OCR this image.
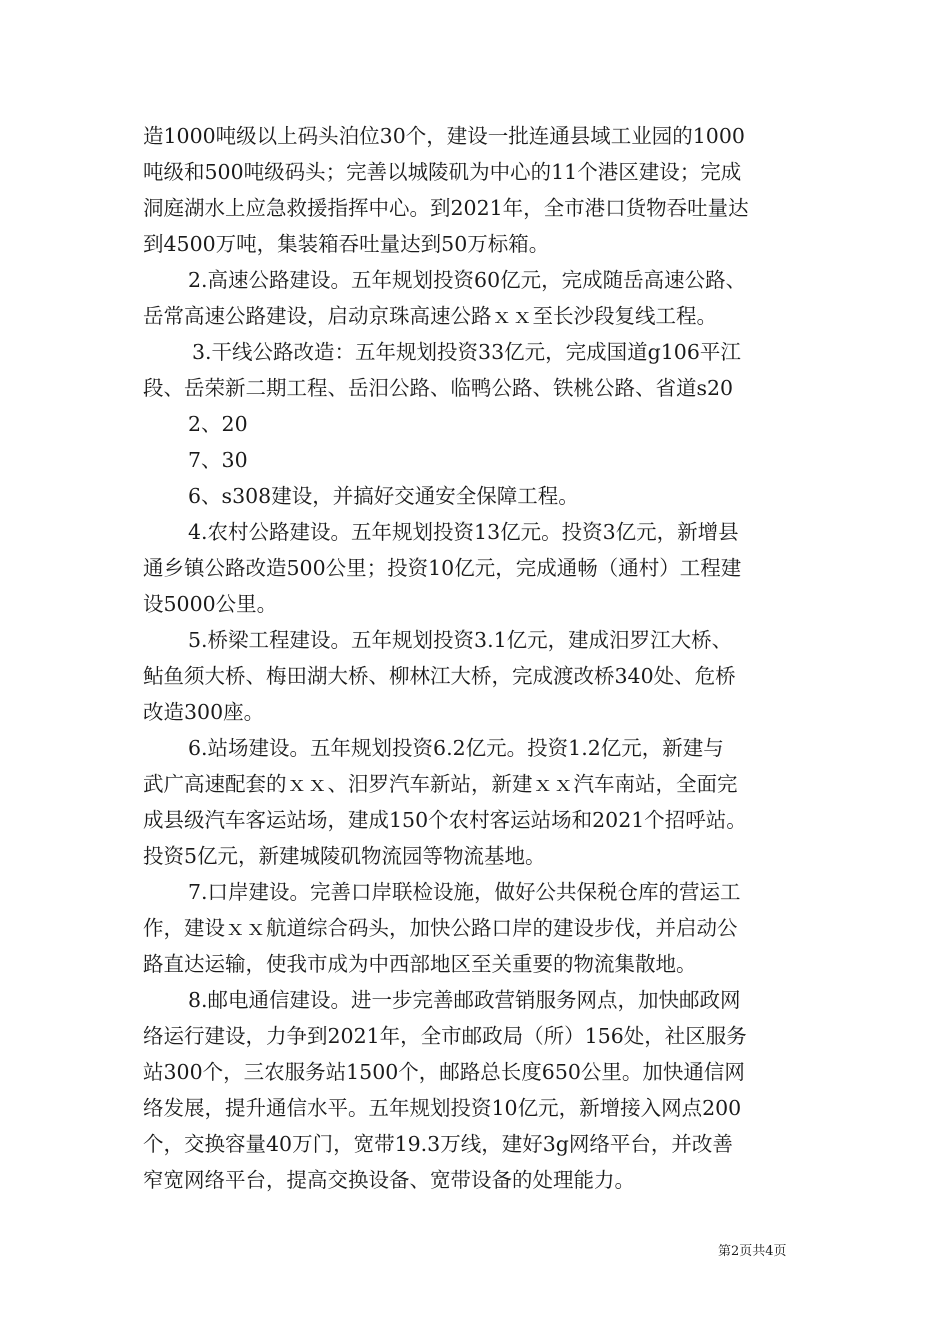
造1000吨级以上码头泊位30个，建设一批连通县域工业园的1000
吨级和500吨级码头；完善以城陵矶为中心的11个港区建设；完成
洞庭湖水上应急救援指挥中心。到2021年，全市港口货物吞吐量达
到4500万吨，集装箱吞吐量达到50万标箱。
2.高速公路建设。五年规划投资60亿元，完成随岳高速公路、
岳常高速公路建设，启动京珠高速公路ｘｘ至长沙段复线工程。
3.干线公路改造：五年规划投资33亿元，完成国道g106平江
段、岳荣新二期工程、岳汨公路、临鸭公路、铁桃公路、省道s20
2、20
7、30
6、s308建设，并搞好交通安全保障工程。
4.农村公路建设。五年规划投资13亿元。投资3亿元，新增县
通乡镇公路改造500公里；投资10亿元，完成通畅（通村）工程建
设5000公里。
5.桥梁工程建设。五年规划投资3.1亿元，建成汨罗江大桥、
鲇鱼须大桥、梅田湖大桥、柳林江大桥，完成渡改桥340处、危桥
改造300座。
6.站场建设。五年规划投资6.2亿元。投资1.2亿元，新建与
武广高速配套的ｘｘ、汨罗汽车新站，新建ｘｘ汽车南站，全面完
成县级汽车客运站场，建成150个农村客运站场和2021个招呼站。
投资5亿元，新建城陵矶物流园等物流基地。
7.口岸建设。完善口岸联检设施，做好公共保税仓库的营运工
作，建设ｘｘ航道综合码头，加快公路口岸的建设步伐，并启动公
路直达运输，使我市成为中西部地区至关重要的物流集散地。
8.邮电通信建设。进一步完善邮政营销服务网点，加快邮政网
络运行建设，力争到2021年，全市邮政局（所）156处，社区服务
站300个，三农服务站1500个，邮路总长度650公里。加快通信网
络发展，提升通信水平。五年规划投资10亿元，新增接入网点200
个，交换容量40万门，宽带19.3万线，建好3g网络平台，并改善
窄宽网络平台，提高交换设备、宽带设备的处理能力。
第2页共4页
